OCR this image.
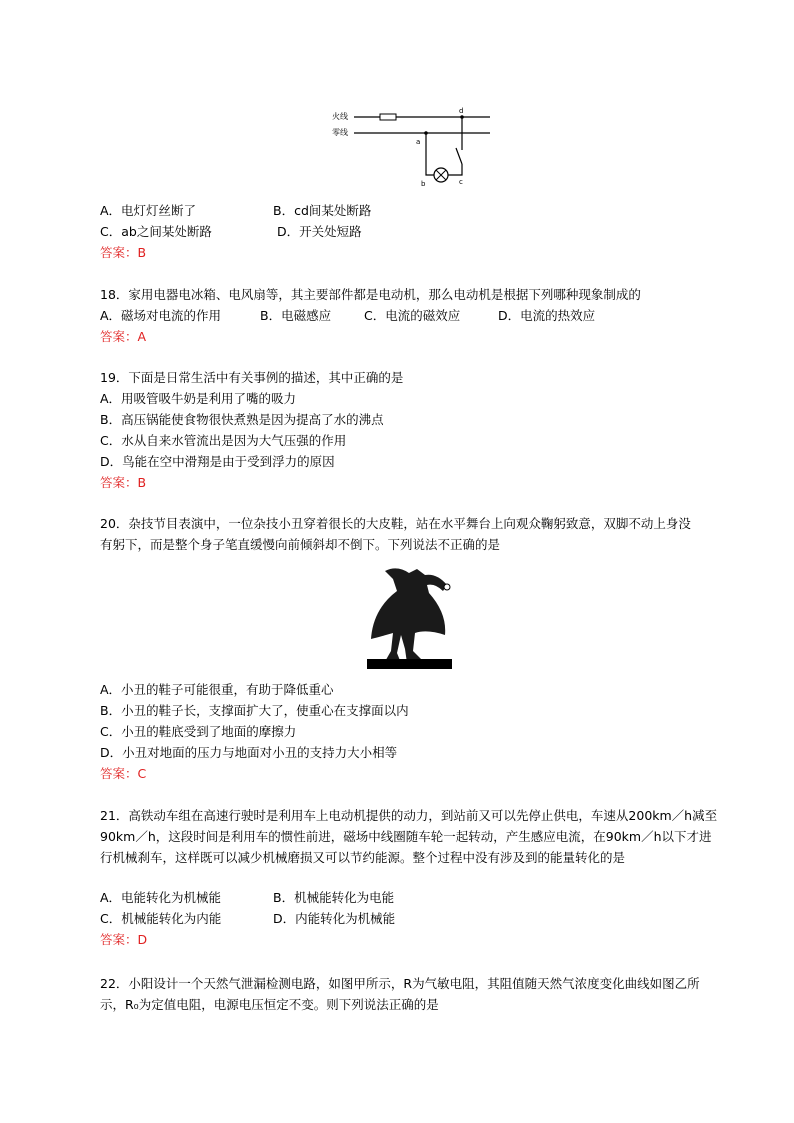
火线
零线
d
a
b	c
A．电灯灯丝断了	B．cd间某处断路
C．ab之间某处断路	D．开关处短路
答案：B
18．家用电器电冰箱、电风扇等，其主要部件都是电动机，那么电动机是根据下列哪种现象制成的
A．磁场对电流的作用	B．电磁感应	C．电流的磁效应	D．电流的热效应
答案：A
19．下面是日常生活中有关事例的描述，其中正确的是
A．用吸管吸牛奶是利用了嘴的吸力
B．高压锅能使食物很快煮熟是因为提高了水的沸点
C．水从自来水管流出是因为大气压强的作用
D．鸟能在空中滑翔是由于受到浮力的原因
答案：B
20．杂技节目表演中，一位杂技小丑穿着很长的大皮鞋，站在水平舞台上向观众鞠躬致意，双脚不动上身没有躬下，而是整个身子笔直缓慢向前倾斜却不倒下。下列说法不正确的是
A．小丑的鞋子可能很重，有助于降低重心
B．小丑的鞋子长，支撑面扩大了，使重心在支撑面以内
C．小丑的鞋底受到了地面的摩擦力
D．小丑对地面的压力与地面对小丑的支持力大小相等
答案：C
21．高铁动车组在高速行驶时是利用车上电动机提供的动力，到站前又可以先停止供电，车速从200km／h减至90km／h，这段时间是利用车的惯性前进，磁场中线圈随车轮一起转动，产生感应电流，在90km／h以下才进行机械刹车，这样既可以减少机械磨损又可以节约能源。整个过程中没有涉及到的能量转化的是
A．电能转化为机械能	B．机械能转化为电能
C．机械能转化为内能	D．内能转化为机械能
答案：D
22．小阳设计一个天然气泄漏检测电路，如图甲所示，R为气敏电阻，其阻值随天然气浓度变化曲线如图乙所示，R₀为定值电阻，电源电压恒定不变。则下列说法正确的是
